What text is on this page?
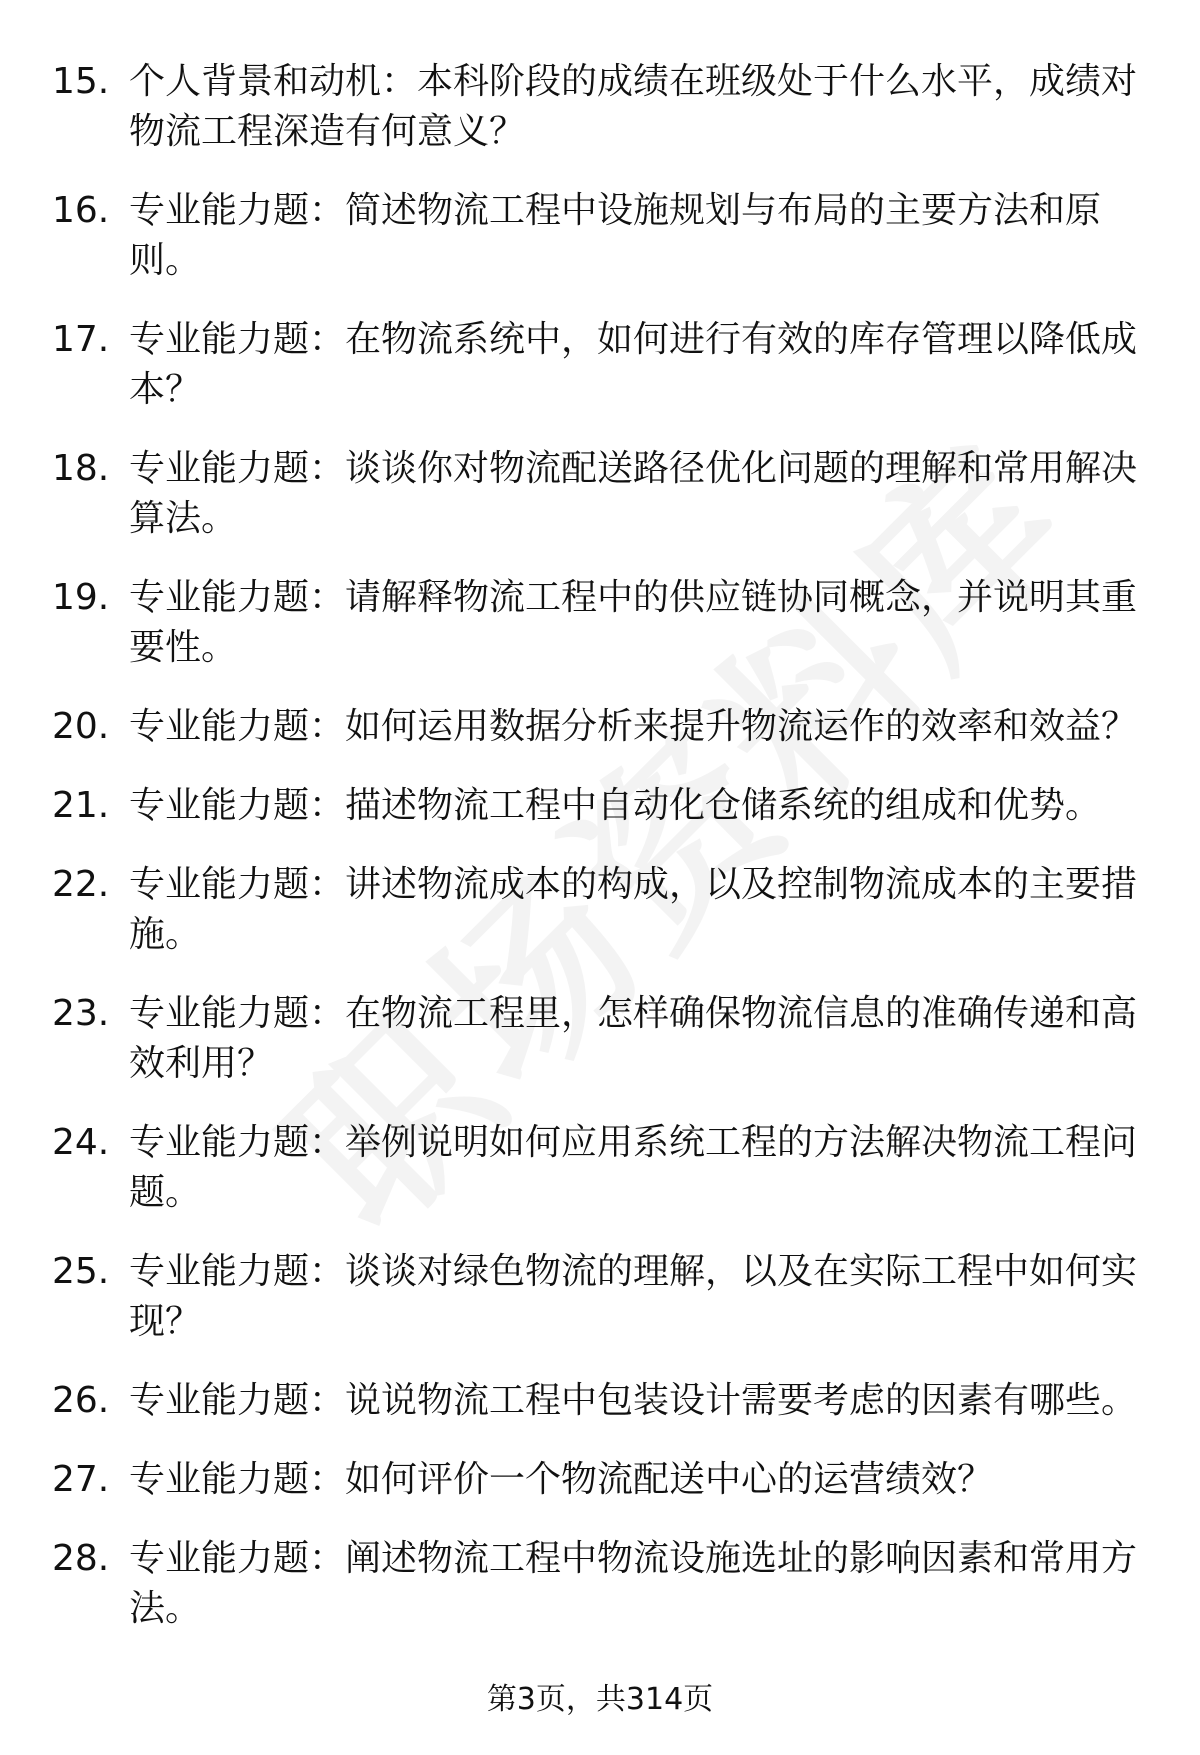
15. 个人背景和动机：本科阶段的成绩在班级处于什么水平，成绩对物流工程深造有何意义？
16. 专业能力题：简述物流工程中设施规划与布局的主要方法和原则。
17. 专业能力题：在物流系统中，如何进行有效的库存管理以降低成本？
18. 专业能力题：谈谈你对物流配送路径优化问题的理解和常用解决算法。
19. 专业能力题：请解释物流工程中的供应链协同概念，并说明其重要性。
20. 专业能力题：如何运用数据分析来提升物流运作的效率和效益？
21. 专业能力题：描述物流工程中自动化仓储系统的组成和优势。
22. 专业能力题：讲述物流成本的构成，以及控制物流成本的主要措施。
23. 专业能力题：在物流工程里，怎样确保物流信息的准确传递和高效利用？
24. 专业能力题：举例说明如何应用系统工程的方法解决物流工程问题。
25. 专业能力题：谈谈对绿色物流的理解，以及在实际工程中如何实现？
26. 专业能力题：说说物流工程中包装设计需要考虑的因素有哪些。
27. 专业能力题：如何评价一个物流配送中心的运营绩效？
28. 专业能力题：阐述物流工程中物流设施选址的影响因素和常用方法。
第3页，共314页
